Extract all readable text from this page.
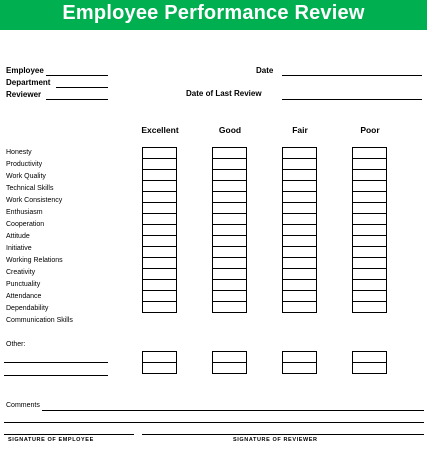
Employee Performance Review
Employee
Department
Reviewer
Date
Date of Last Review
Excellent	Good	Fair	Poor
Honesty
Productivity
Work Quality
Technical Skills
Work Consistency
Enthusiasm
Cooperation
Attitude
Initiative
Working Relations
Creativity
Punctuality
Attendance
Dependability
Communication Skills

Other:

Comments
SIGNATURE OF EMPLOYEE	SIGNATURE OF REVIEWER
